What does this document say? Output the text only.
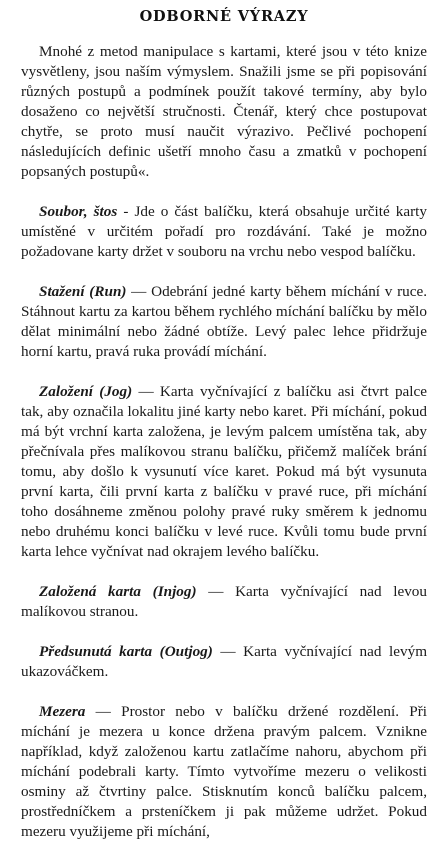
ODBORNÉ VÝRAZY

Mnohé z metod manipulace s kartami, které jsou v této knize vysvětleny, jsou naším výmyslem. Snažili jsme se při popisování různých postupů a podmínek použít takové termíny, aby bylo dosaženo co největší stručnosti. Čtenář, který chce postupovat chytře, se proto musí naučit výrazivo. Pečlivé pochopení následujících definic ušetří mnoho času a zmatků v pochopení popsaných postupů«.

Soubor, štos - Jde o část balíčku, která obsahuje určité karty umístěné v určitém pořadí pro rozdávání. Také je možno požadovane karty držet v souboru na vrchu nebo vespod balíčku.

Stažení (Run) — Odebrání jedné karty během míchání v ruce. Stáhnout kartu za kartou během rychlého míchání balíčku by mělo dělat minimální nebo žádné obtíže. Levý palec lehce přidržuje horní kartu, pravá ruka provádí míchání.

Založení (Jog) — Karta vyčnívající z balíčku asi čtvrt palce tak, aby označila lokalitu jiné karty nebo karet. Při míchání, pokud má být vrchní karta založena, je levým palcem umístěna tak, aby přečnívala přes malíkovou stranu balíčku, přičemž malíček brání tomu, aby došlo k vysunutí více karet. Pokud má být vysunuta první karta, čili první karta z balíčku v pravé ruce, při míchání toho dosáhneme změnou polohy pravé ruky směrem k jednomu nebo druhému konci balíčku v levé ruce. Kvůli tomu bude první karta lehce vyčnívat nad okrajem levého balíčku.

Založená karta (Injog) — Karta vyčnívající nad levou malíkovou stranou.

Předsunutá karta (Outjog) — Karta vyčnívající nad levým ukazováčkem.

Mezera — Prostor nebo v balíčku držené rozdělení. Při míchání je mezera u konce držena pravým palcem. Vznikne například, když založenou kartu zatlačíme nahoru, abychom při míchání podebrali karty. Tímto vytvoříme mezeru o velikosti osminy až čtvrtiny palce. Stisknutím konců balíčku palcem, prostředníčkem a prsteníčkem ji pak můžeme udržet. Pokud mezeru využijeme při míchání,
